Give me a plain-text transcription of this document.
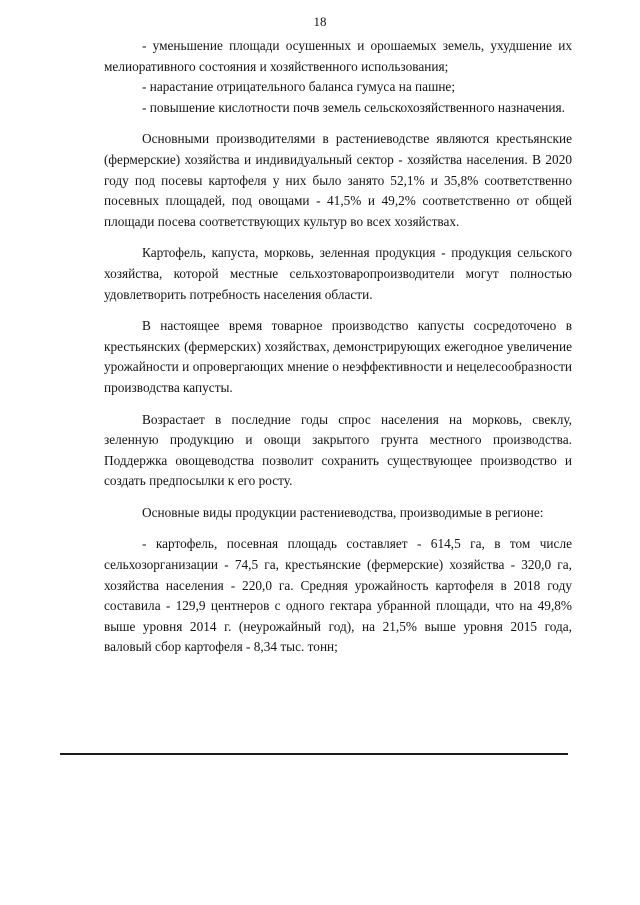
18

- уменьшение площади осушенных и орошаемых земель, ухудшение их мелиоративного состояния и хозяйственного использования;

- нарастание отрицательного баланса гумуса на пашне;

- повышение кислотности почв земель сельскохозяйственного назначения.

Основными производителями в растениеводстве являются крестьянские (фермерские) хозяйства и индивидуальный сектор - хозяйства населения. В 2020 году под посевы картофеля у них было занято 52,1% и 35,8% соответственно посевных площадей, под овощами - 41,5% и 49,2% соответственно от общей площади посева соответствующих культур во всех хозяйствах.

Картофель, капуста, морковь, зеленная продукция - продукция сельского хозяйства, которой местные сельхозтоваропроизводители могут полностью удовлетворить потребность населения области.

В настоящее время товарное производство капусты сосредоточено в крестьянских (фермерских) хозяйствах, демонстрирующих ежегодное увеличение урожайности и опровергающих мнение о неэффективности и нецелесообразности производства капусты.

Возрастает в последние годы спрос населения на морковь, свеклу, зеленную продукцию и овощи закрытого грунта местного производства. Поддержка овощеводства позволит сохранить существующее производство и создать предпосылки к его росту.

Основные виды продукции растениеводства, производимые в регионе:

- картофель, посевная площадь составляет - 614,5 га, в том числе сельхозорганизации - 74,5 га, крестьянские (фермерские) хозяйства - 320,0 га, хозяйства населения - 220,0 га. Средняя урожайность картофеля в 2018 году составила - 129,9 центнеров с одного гектара убранной площади, что на 49,8% выше уровня 2014 г. (неурожайный год), на 21,5% выше уровня 2015 года, валовый сбор картофеля - 8,34 тыс. тонн;
